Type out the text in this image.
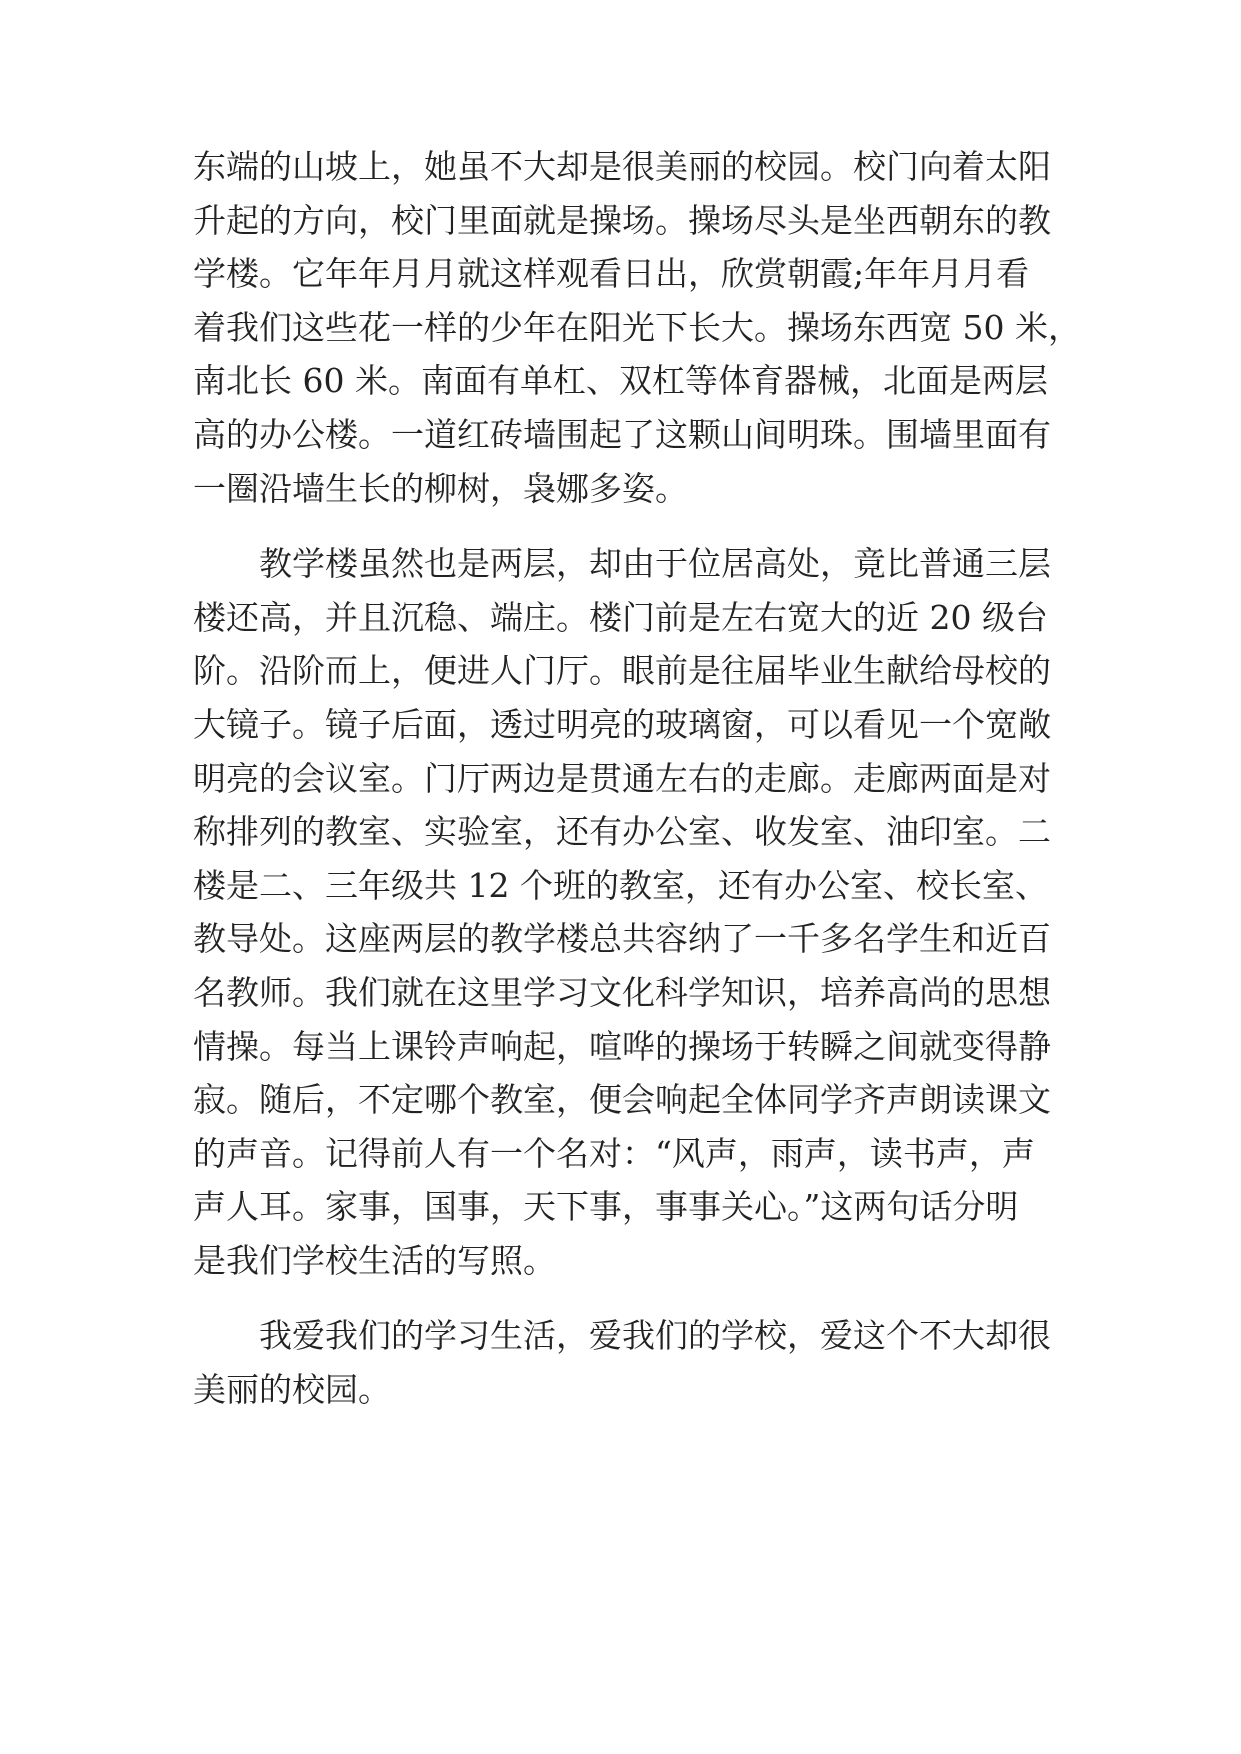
东端的山坡上，她虽不大却是很美丽的校园。校门向着太阳
升起的方向，校门里面就是操场。操场尽头是坐西朝东的教
学楼。它年年月月就这样观看日出，欣赏朝霞;年年月月看
着我们这些花一样的少年在阳光下长大。操场东西宽 50 米，
南北长 60 米。南面有单杠、双杠等体育器械，北面是两层
高的办公楼。一道红砖墙围起了这颗山间明珠。围墙里面有
一圈沿墙生长的柳树，袅娜多姿。
　　教学楼虽然也是两层，却由于位居高处，竟比普通三层
楼还高，并且沉稳、端庄。楼门前是左右宽大的近 20 级台
阶。沿阶而上，便进人门厅。眼前是往届毕业生献给母校的
大镜子。镜子后面，透过明亮的玻璃窗，可以看见一个宽敞
明亮的会议室。门厅两边是贯通左右的走廊。走廊两面是对
称排列的教室、实验室，还有办公室、收发室、油印室。二
楼是二、三年级共 12 个班的教室，还有办公室、校长室、
教导处。这座两层的教学楼总共容纳了一千多名学生和近百
名教师。我们就在这里学习文化科学知识，培养高尚的思想
情操。每当上课铃声响起，喧哗的操场于转瞬之间就变得静
寂。随后，不定哪个教室，便会响起全体同学齐声朗读课文
的声音。记得前人有一个名对：“风声，雨声，读书声，声
声人耳。家事，国事，天下事，事事关心。”这两句话分明
是我们学校生活的写照。
　　我爱我们的学习生活，爱我们的学校，爱这个不大却很
美丽的校园。
